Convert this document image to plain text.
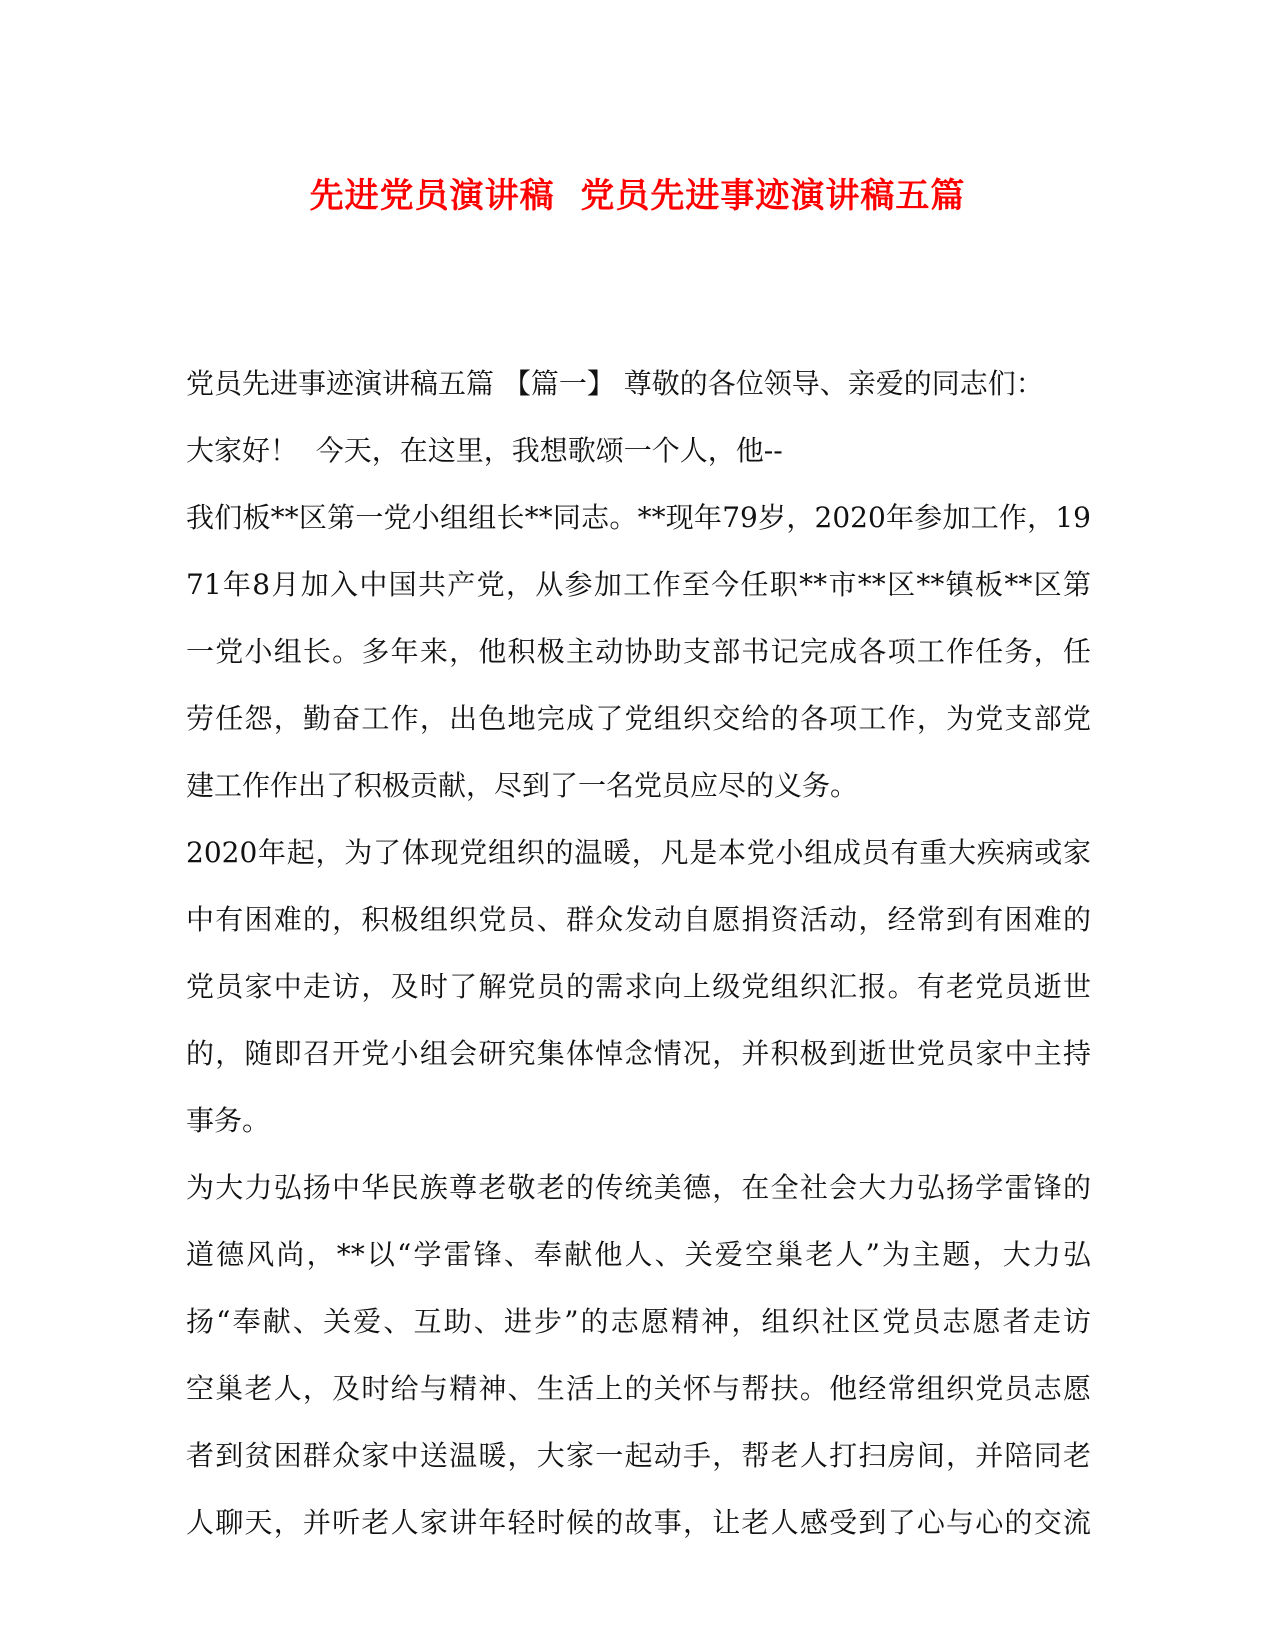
先进党员演讲稿  党员先进事迹演讲稿五篇
党员先进事迹演讲稿五篇 【篇一】 尊敬的各位领导、亲爱的同志们：
大家好！  今天，在这里，我想歌颂一个人，他--
我们板**区第一党小组组长**同志。**现年79岁，2020年参加工作，19
71年8月加入中国共产党，从参加工作至今任职**市**区**镇板**区第
一党小组长。多年来，他积极主动协助支部书记完成各项工作任务，任
劳任怨，勤奋工作，出色地完成了党组织交给的各项工作，为党支部党
建工作作出了积极贡献，尽到了一名党员应尽的义务。
2020年起，为了体现党组织的温暖，凡是本党小组成员有重大疾病或家
中有困难的，积极组织党员、群众发动自愿捐资活动，经常到有困难的
党员家中走访，及时了解党员的需求向上级党组织汇报。有老党员逝世
的，随即召开党小组会研究集体悼念情况，并积极到逝世党员家中主持
事务。
为大力弘扬中华民族尊老敬老的传统美德，在全社会大力弘扬学雷锋的
道德风尚，**以“学雷锋、奉献他人、关爱空巢老人”为主题，大力弘
扬“奉献、关爱、互助、进步”的志愿精神，组织社区党员志愿者走访
空巢老人，及时给与精神、生活上的关怀与帮扶。他经常组织党员志愿
者到贫困群众家中送温暖，大家一起动手，帮老人打扫房间，并陪同老
人聊天，并听老人家讲年轻时候的故事，让老人感受到了心与心的交流
